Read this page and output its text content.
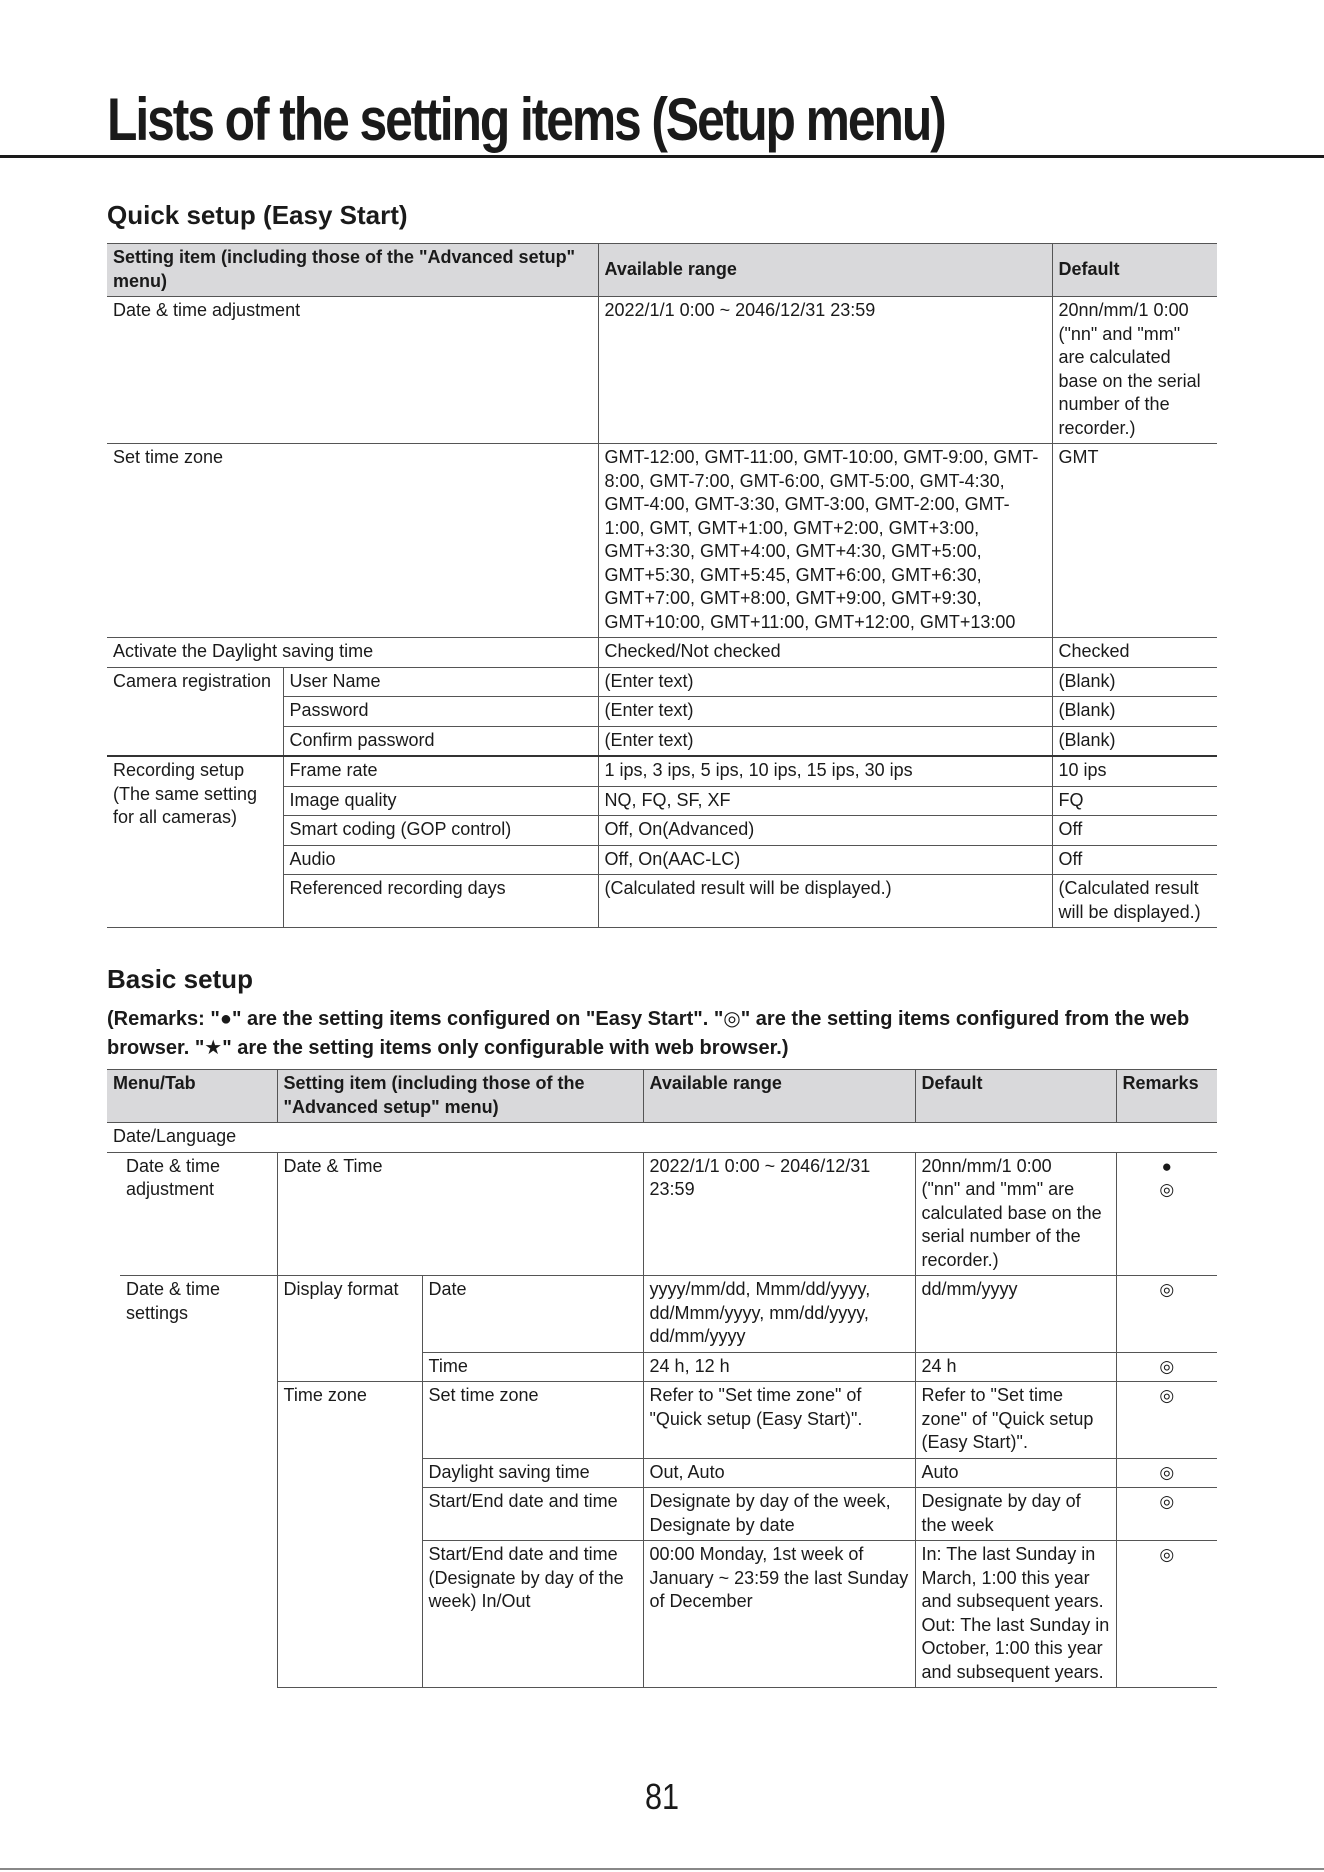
Lists of the setting items (Setup menu)
Quick setup (Easy Start)
Setting item (including those of the "Advanced setup" menu)		Available range	Default
Date & time adjustment		2022/1/1 0:00 ~ 2046/12/31 23:59	20nn/mm/1 0:00
("nn" and "mm" are calculated base on the serial number of the recorder.)
Set time zone		GMT-12:00, GMT-11:00, GMT-10:00, GMT-9:00, GMT-8:00, GMT-7:00, GMT-6:00, GMT-5:00, GMT-4:30, GMT-4:00, GMT-3:30, GMT-3:00, GMT-2:00, GMT-1:00, GMT, GMT+1:00, GMT+2:00, GMT+3:00, GMT+3:30, GMT+4:00, GMT+4:30, GMT+5:00, GMT+5:30, GMT+5:45, GMT+6:00, GMT+6:30, GMT+7:00, GMT+8:00, GMT+9:00, GMT+9:30, GMT+10:00, GMT+11:00, GMT+12:00, GMT+13:00	GMT
Activate the Daylight saving time		Checked/Not checked	Checked
Camera registration	User Name	(Enter text)	(Blank)
	Password	(Enter text)	(Blank)
	Confirm password	(Enter text)	(Blank)
Recording setup (The same setting for all cameras)	Frame rate	1 ips, 3 ips, 5 ips, 10 ips, 15 ips, 30 ips	10 ips
	Image quality	NQ, FQ, SF, XF	FQ
	Smart coding (GOP control)	Off, On(Advanced)	Off
	Audio	Off, On(AAC-LC)	Off
	Referenced recording days	(Calculated result will be displayed.)	(Calculated result will be displayed.)
Basic setup
(Remarks: "●" are the setting items configured on "Easy Start". "◎" are the setting items configured from the web browser. "★" are the setting items only configurable with web browser.)
Menu/Tab		Setting item (including those of the "Advanced setup" menu)		Available range	Default	Remarks
Date/Language						
	Date & time adjustment	Date & Time		2022/1/1 0:00 ~ 2046/12/31 23:59	20nn/mm/1 0:00
("nn" and "mm" are calculated base on the serial number of the recorder.)	●
◎
	Date & time settings	Display format	Date	yyyy/mm/dd, Mmm/dd/yyyy, dd/Mmm/yyyy, mm/dd/yyyy, dd/mm/yyyy	dd/mm/yyyy	◎
			Time	24 h, 12 h	24 h	◎
		Time zone	Set time zone	Refer to "Set time zone" of "Quick setup (Easy Start)".	Refer to "Set time zone" of "Quick setup (Easy Start)".	◎
			Daylight saving time	Out, Auto	Auto	◎
			Start/End date and time	Designate by day of the week, Designate by date	Designate by day of the week	◎
			Start/End date and time (Designate by day of the week) In/Out	00:00 Monday, 1st week of January ~ 23:59 the last Sunday of December	In: The last Sunday in March, 1:00 this year and subsequent years.
Out: The last Sunday in October, 1:00 this year and subsequent years.	◎
81
